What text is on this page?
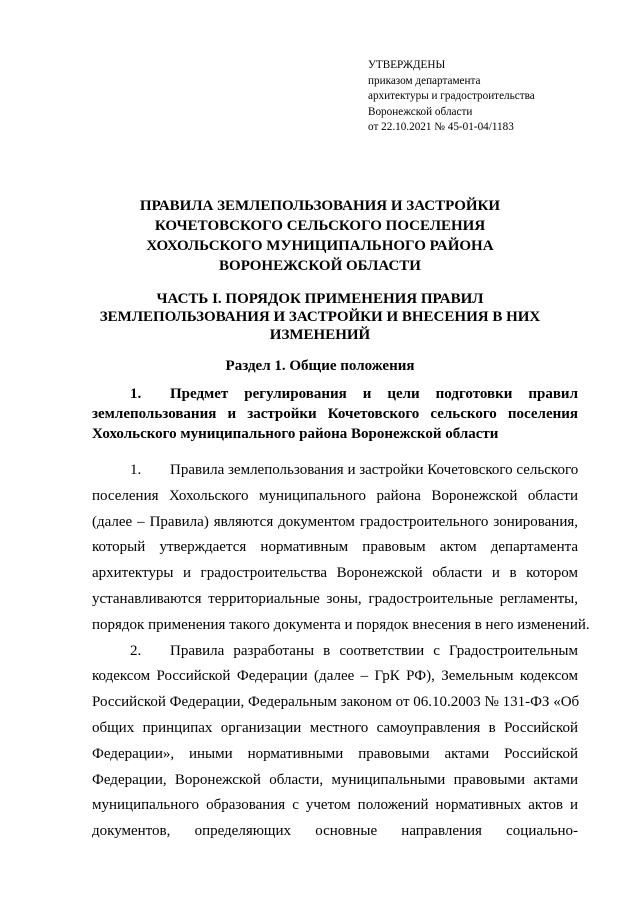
УТВЕРЖДЕНЫ
приказом департамента
архитектуры и градостроительства
Воронежской области
от 22.10.2021 № 45-01-04/1183
ПРАВИЛА ЗЕМЛЕПОЛЬЗОВАНИЯ И ЗАСТРОЙКИ
КОЧЕТОВСКОГО СЕЛЬСКОГО ПОСЕЛЕНИЯ
ХОХОЛЬСКОГО МУНИЦИПАЛЬНОГО РАЙОНА
ВОРОНЕЖСКОЙ ОБЛАСТИ
ЧАСТЬ I. ПОРЯДОК ПРИМЕНЕНИЯ ПРАВИЛ
ЗЕМЛЕПОЛЬЗОВАНИЯ И ЗАСТРОЙКИ И ВНЕСЕНИЯ В НИХ
ИЗМЕНЕНИЙ
Раздел 1. Общие положения
1. Предмет регулирования и цели подготовки правил
землепользования и застройки Кочетовского сельского поселения
Хохольского муниципального района Воронежской области
1. Правила землепользования и застройки Кочетовского сельского
поселения Хохольского муниципального района Воронежской области
(далее – Правила) являются документом градостроительного зонирования,
который утверждается нормативным правовым актом департамента
архитектуры и градостроительства Воронежской области и в котором
устанавливаются территориальные зоны, градостроительные регламенты,
порядок применения такого документа и порядок внесения в него изменений.
2. Правила разработаны в соответствии с Градостроительным
кодексом Российской Федерации (далее – ГрК РФ), Земельным кодексом
Российской Федерации, Федеральным законом от 06.10.2003 № 131-ФЗ «Об
общих принципах организации местного самоуправления в Российской
Федерации», иными нормативными правовыми актами Российской
Федерации, Воронежской области, муниципальными правовыми актами
муниципального образования с учетом положений нормативных актов и
документов, определяющих основные направления социально-
